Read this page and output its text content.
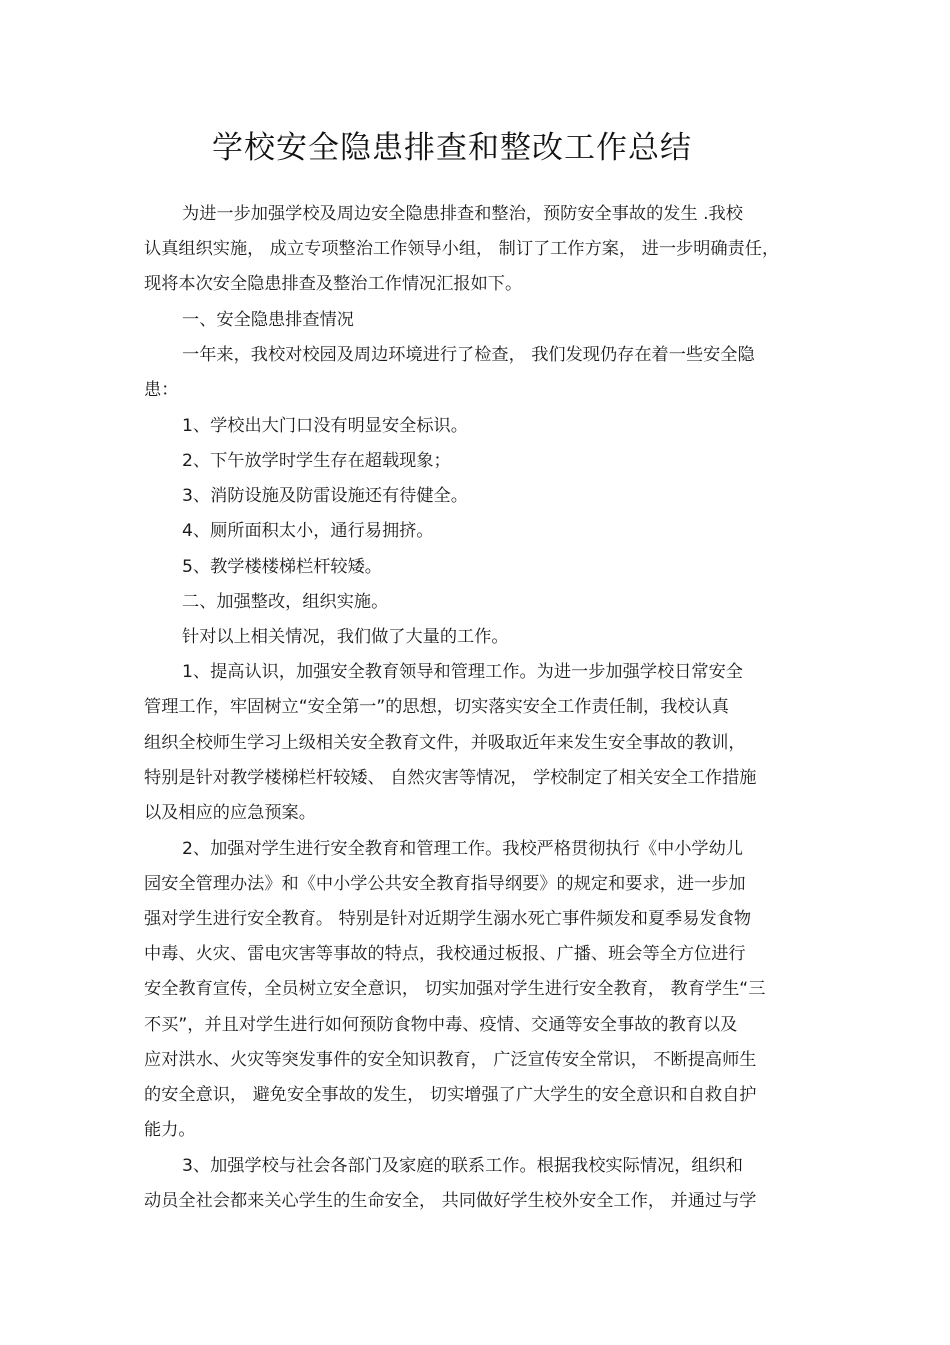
学校安全隐患排查和整改工作总结
为进一步加强学校及周边安全隐患排查和整治，预防安全事故的发生 .我校
认真组织实施， 成立专项整治工作领导小组， 制订了工作方案， 进一步明确责任，
现将本次安全隐患排查及整治工作情况汇报如下。
一、安全隐患排查情况
一年来，我校对校园及周边环境进行了检查， 我们发现仍存在着一些安全隐
患：
1、学校出大门口没有明显安全标识。
2、下午放学时学生存在超载现象；
3、消防设施及防雷设施还有待健全。
4、厕所面积太小，通行易拥挤。
5、教学楼楼梯栏杆较矮。
二、加强整改，组织实施。
针对以上相关情况，我们做了大量的工作。
1、提高认识，加强安全教育领导和管理工作。为进一步加强学校日常安全
管理工作，牢固树立“安全第一”的思想，切实落实安全工作责任制，我校认真
组织全校师生学习上级相关安全教育文件，并吸取近年来发生安全事故的教训，
特别是针对教学楼梯栏杆较矮、 自然灾害等情况， 学校制定了相关安全工作措施
以及相应的应急预案。
2、加强对学生进行安全教育和管理工作。我校严格贯彻执行《中小学幼儿
园安全管理办法》和《中小学公共安全教育指导纲要》的规定和要求，进一步加
强对学生进行安全教育。 特别是针对近期学生溺水死亡事件频发和夏季易发食物
中毒、火灾、雷电灾害等事故的特点，我校通过板报、广播、班会等全方位进行
安全教育宣传，全员树立安全意识， 切实加强对学生进行安全教育， 教育学生“三
不买”，并且对学生进行如何预防食物中毒、疫情、交通等安全事故的教育以及
应对洪水、火灾等突发事件的安全知识教育， 广泛宣传安全常识， 不断提高师生
的安全意识， 避免安全事故的发生， 切实增强了广大学生的安全意识和自救自护
能力。
3、加强学校与社会各部门及家庭的联系工作。根据我校实际情况，组织和
动员全社会都来关心学生的生命安全， 共同做好学生校外安全工作， 并通过与学
